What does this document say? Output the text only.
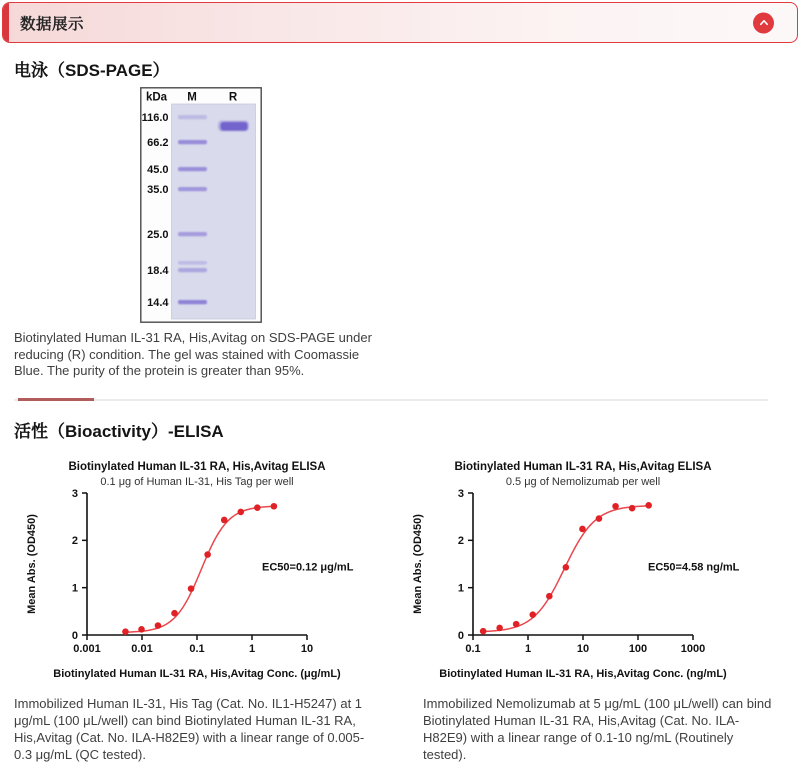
数据展示
电泳（SDS-PAGE）
kDa M	R
116.0
66.2
45.0
35.0
25.0
18.4
14.4

Biotinylated Human IL-31 RA, His,Avitag on SDS-PAGE under reducing (R) condition. The gel was stained with Coomassie Blue. The purity of the protein is greater than 95%.

活性（Bioactivity）-ELISA
Biotinylated Human IL-31 RA, His,Avitag ELISA
0.1 μg of Human IL-31, His Tag per well
0.001	0.01	0.1	1	10
0
1
2
3
Biotinylated Human IL-31 RA, His,Avitag Conc. (μg/mL)
Mean Abs. (OD450)	EC50=0.12 μg/mL
Biotinylated Human IL-31 RA, His,Avitag ELISA
0.5 μg of Nemolizumab per well
0.1	1	10	100	1000
0
1
2
3
Biotinylated Human IL-31 RA, His,Avitag Conc. (ng/mL)
Mean Abs. (OD450)	EC50=4.58 ng/mL

Immobilized Human IL-31, His Tag (Cat. No. IL1-H5247) at 1 μg/mL (100 μL/well) can bind Biotinylated Human IL-31 RA, His,Avitag (Cat. No. ILA-H82E9) with a linear range of 0.005-0.3 μg/mL (QC tested).

Immobilized Nemolizumab at 5 μg/mL (100 μL/well) can bind Biotinylated Human IL-31 RA, His,Avitag (Cat. No. ILA-H82E9) with a linear range of 0.1-10 ng/mL (Routinely tested).
